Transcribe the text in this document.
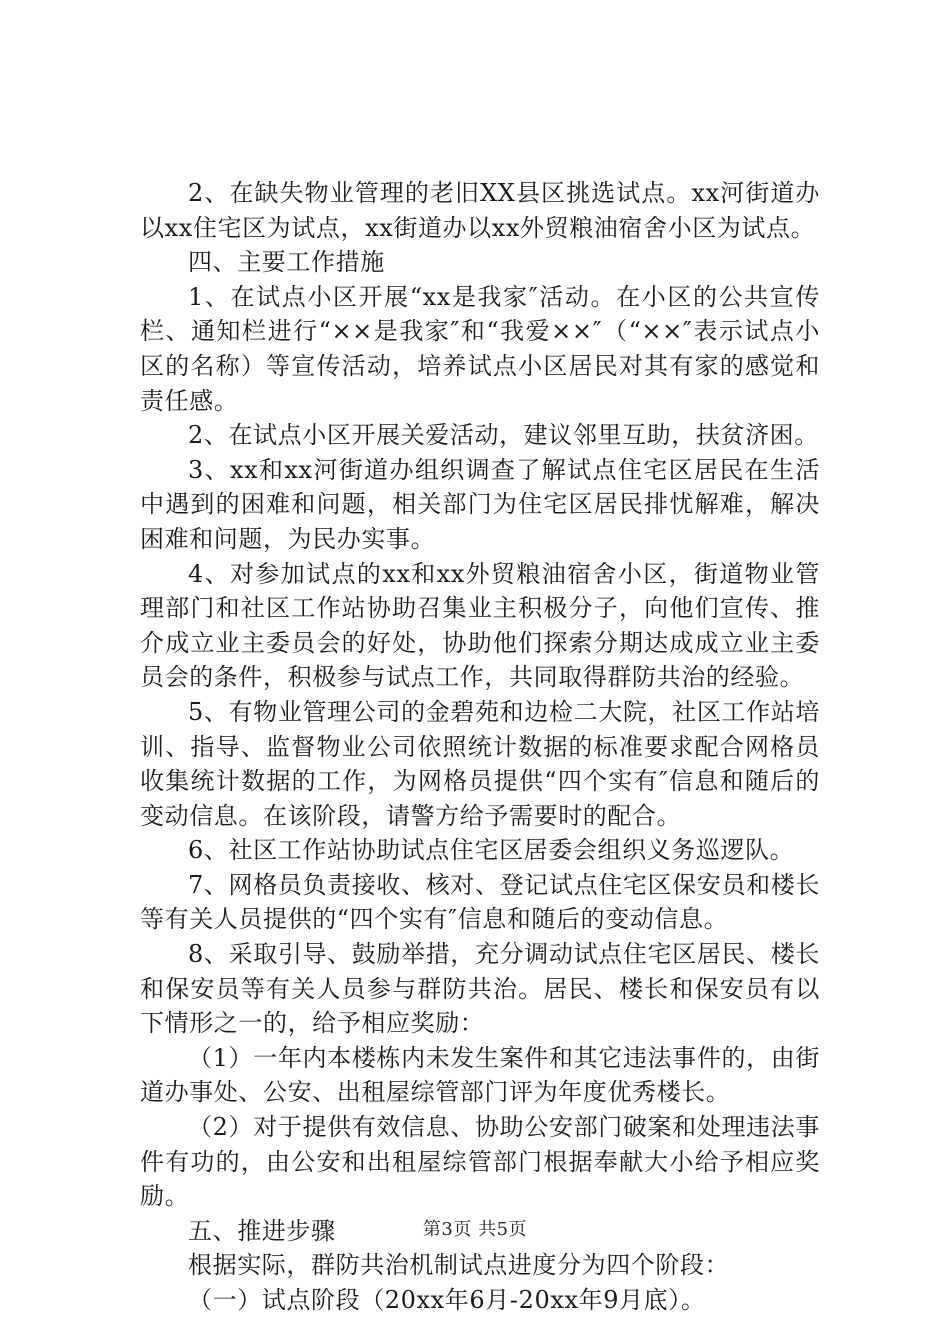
2、在缺失物业管理的老旧XX县区挑选试点。xx河街道办以xx住宅区为试点，xx街道办以xx外贸粮油宿舍小区为试点。

四、主要工作措施

1、在试点小区开展“xx是我家″活动。在小区的公共宣传栏、通知栏进行“××是我家″和“我爱××″（“××″表示试点小区的名称）等宣传活动，培养试点小区居民对其有家的感觉和责任感。

2、在试点小区开展关爱活动，建议邻里互助，扶贫济困。

3、xx和xx河街道办组织调查了解试点住宅区居民在生活中遇到的困难和问题，相关部门为住宅区居民排忧解难，解决困难和问题，为民办实事。

4、对参加试点的xx和xx外贸粮油宿舍小区，街道物业管理部门和社区工作站协助召集业主积极分子，向他们宣传、推介成立业主委员会的好处，协助他们探索分期达成成立业主委员会的条件，积极参与试点工作，共同取得群防共治的经验。

5、有物业管理公司的金碧苑和边检二大院，社区工作站培训、指导、监督物业公司依照统计数据的标准要求配合网格员收集统计数据的工作，为网格员提供“四个实有″信息和随后的变动信息。在该阶段，请警方给予需要时的配合。

6、社区工作站协助试点住宅区居委会组织义务巡逻队。

7、网格员负责接收、核对、登记试点住宅区保安员和楼长等有关人员提供的“四个实有″信息和随后的变动信息。

8、采取引导、鼓励举措，充分调动试点住宅区居民、楼长和保安员等有关人员参与群防共治。居民、楼长和保安员有以下情形之一的，给予相应奖励：

（1）一年内本楼栋内未发生案件和其它违法事件的，由街道办事处、公安、出租屋综管部门评为年度优秀楼长。

（2）对于提供有效信息、协助公安部门破案和处理违法事件有功的，由公安和出租屋综管部门根据奉献大小给予相应奖励。

五、推进步骤

根据实际，群防共治机制试点进度分为四个阶段：

（一）试点阶段（20xx年6月-20xx年9月底）。

第3页 共5页
